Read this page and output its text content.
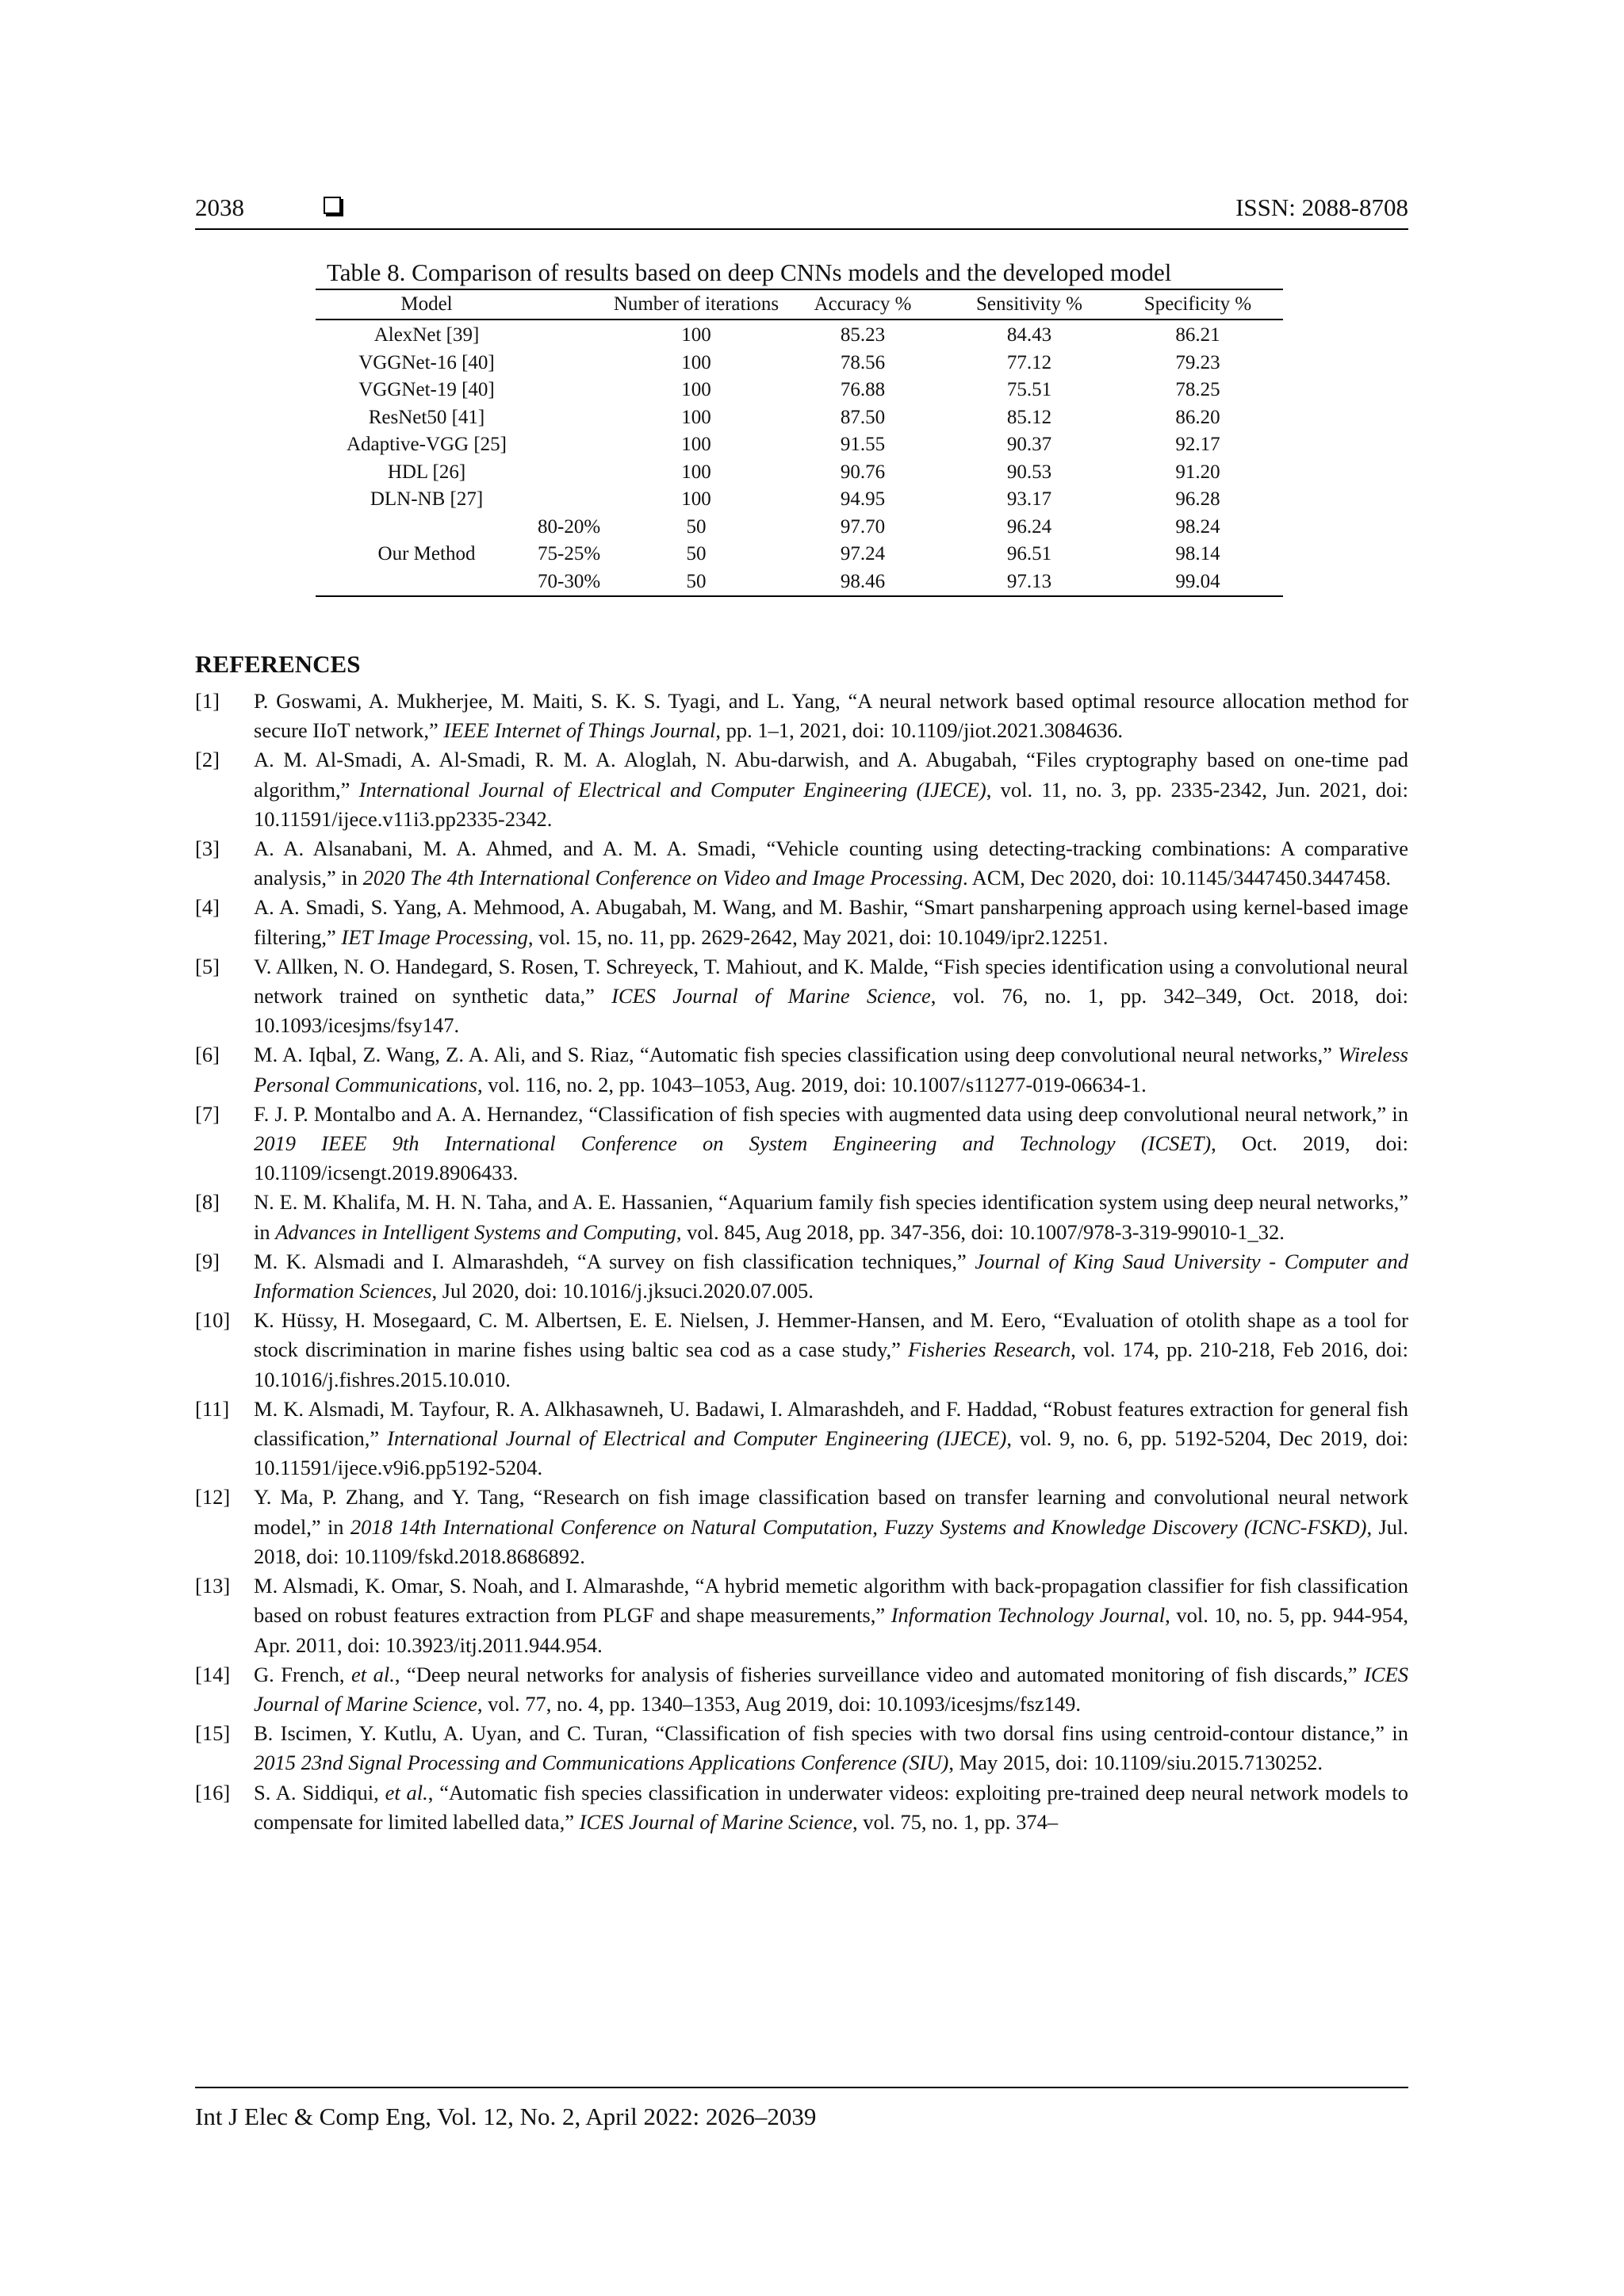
2038	ISSN: 2088-8708
Table 8. Comparison of results based on deep CNNs models and the developed model
Model		Number of iterations	Accuracy %	Sensitivity %	Specificity %
AlexNet [39]		100	85.23	84.43	86.21
VGGNet-16 [40]		100	78.56	77.12	79.23
VGGNet-19 [40]		100	76.88	75.51	78.25
ResNet50 [41]		100	87.50	85.12	86.20
Adaptive-VGG [25]		100	91.55	90.37	92.17
HDL [26]		100	90.76	90.53	91.20
DLN-NB [27]		100	94.95	93.17	96.28
	80-20%	50	97.70	96.24	98.24
Our Method	75-25%	50	97.24	96.51	98.14
	70-30%	50	98.46	97.13	99.04
REFERENCES
[1] P. Goswami, A. Mukherjee, M. Maiti, S. K. S. Tyagi, and L. Yang, “A neural network based optimal resource allocation method for secure IIoT network,” IEEE Internet of Things Journal, pp. 1–1, 2021, doi: 10.1109/jiot.2021.3084636.
[2] A. M. Al-Smadi, A. Al-Smadi, R. M. A. Aloglah, N. Abu-darwish, and A. Abugabah, “Files cryptography based on one-time pad algorithm,” International Journal of Electrical and Computer Engineering (IJECE), vol. 11, no. 3, pp. 2335-2342, Jun. 2021, doi: 10.11591/ijece.v11i3.pp2335-2342.
[3] A. A. Alsanabani, M. A. Ahmed, and A. M. A. Smadi, “Vehicle counting using detecting-tracking combinations: A comparative analysis,” in 2020 The 4th International Conference on Video and Image Processing. ACM, Dec 2020, doi: 10.1145/3447450.3447458.
[4] A. A. Smadi, S. Yang, A. Mehmood, A. Abugabah, M. Wang, and M. Bashir, “Smart pansharpening approach using kernel-based image filtering,” IET Image Processing, vol. 15, no. 11, pp. 2629-2642, May 2021, doi: 10.1049/ipr2.12251.
[5] V. Allken, N. O. Handegard, S. Rosen, T. Schreyeck, T. Mahiout, and K. Malde, “Fish species identification using a convolutional neural network trained on synthetic data,” ICES Journal of Marine Science, vol. 76, no. 1, pp. 342–349, Oct. 2018, doi: 10.1093/icesjms/fsy147.
[6] M. A. Iqbal, Z. Wang, Z. A. Ali, and S. Riaz, “Automatic fish species classification using deep convolutional neural networks,” Wireless Personal Communications, vol. 116, no. 2, pp. 1043–1053, Aug. 2019, doi: 10.1007/s11277-019-06634-1.
[7] F. J. P. Montalbo and A. A. Hernandez, “Classification of fish species with augmented data using deep convolutional neural network,” in 2019 IEEE 9th International Conference on System Engineering and Technology (ICSET), Oct. 2019, doi: 10.1109/icsengt.2019.8906433.
[8] N. E. M. Khalifa, M. H. N. Taha, and A. E. Hassanien, “Aquarium family fish species identification system using deep neural networks,” in Advances in Intelligent Systems and Computing, vol. 845, Aug 2018, pp. 347-356, doi: 10.1007/978-3-319-99010-1_32.
[9] M. K. Alsmadi and I. Almarashdeh, “A survey on fish classification techniques,” Journal of King Saud University - Computer and Information Sciences, Jul 2020, doi: 10.1016/j.jksuci.2020.07.005.
[10] K. Hüssy, H. Mosegaard, C. M. Albertsen, E. E. Nielsen, J. Hemmer-Hansen, and M. Eero, “Evaluation of otolith shape as a tool for stock discrimination in marine fishes using baltic sea cod as a case study,” Fisheries Research, vol. 174, pp. 210-218, Feb 2016, doi: 10.1016/j.fishres.2015.10.010.
[11] M. K. Alsmadi, M. Tayfour, R. A. Alkhasawneh, U. Badawi, I. Almarashdeh, and F. Haddad, “Robust features extraction for general fish classification,” International Journal of Electrical and Computer Engineering (IJECE), vol. 9, no. 6, pp. 5192-5204, Dec 2019, doi: 10.11591/ijece.v9i6.pp5192-5204.
[12] Y. Ma, P. Zhang, and Y. Tang, “Research on fish image classification based on transfer learning and convolutional neural network model,” in 2018 14th International Conference on Natural Computation, Fuzzy Systems and Knowledge Discovery (ICNC-FSKD), Jul. 2018, doi: 10.1109/fskd.2018.8686892.
[13] M. Alsmadi, K. Omar, S. Noah, and I. Almarashde, “A hybrid memetic algorithm with back-propagation classifier for fish classification based on robust features extraction from PLGF and shape measurements,” Information Technology Journal, vol. 10, no. 5, pp. 944-954, Apr. 2011, doi: 10.3923/itj.2011.944.954.
[14] G. French, et al., “Deep neural networks for analysis of fisheries surveillance video and automated monitoring of fish discards,” ICES Journal of Marine Science, vol. 77, no. 4, pp. 1340–1353, Aug 2019, doi: 10.1093/icesjms/fsz149.
[15] B. Iscimen, Y. Kutlu, A. Uyan, and C. Turan, “Classification of fish species with two dorsal fins using centroid-contour distance,” in 2015 23nd Signal Processing and Communications Applications Conference (SIU), May 2015, doi: 10.1109/siu.2015.7130252.
[16] S. A. Siddiqui, et al., “Automatic fish species classification in underwater videos: exploiting pre-trained deep neural network models to compensate for limited labelled data,” ICES Journal of Marine Science, vol. 75, no. 1, pp. 374–
Int J Elec & Comp Eng, Vol. 12, No. 2, April 2022: 2026–2039
